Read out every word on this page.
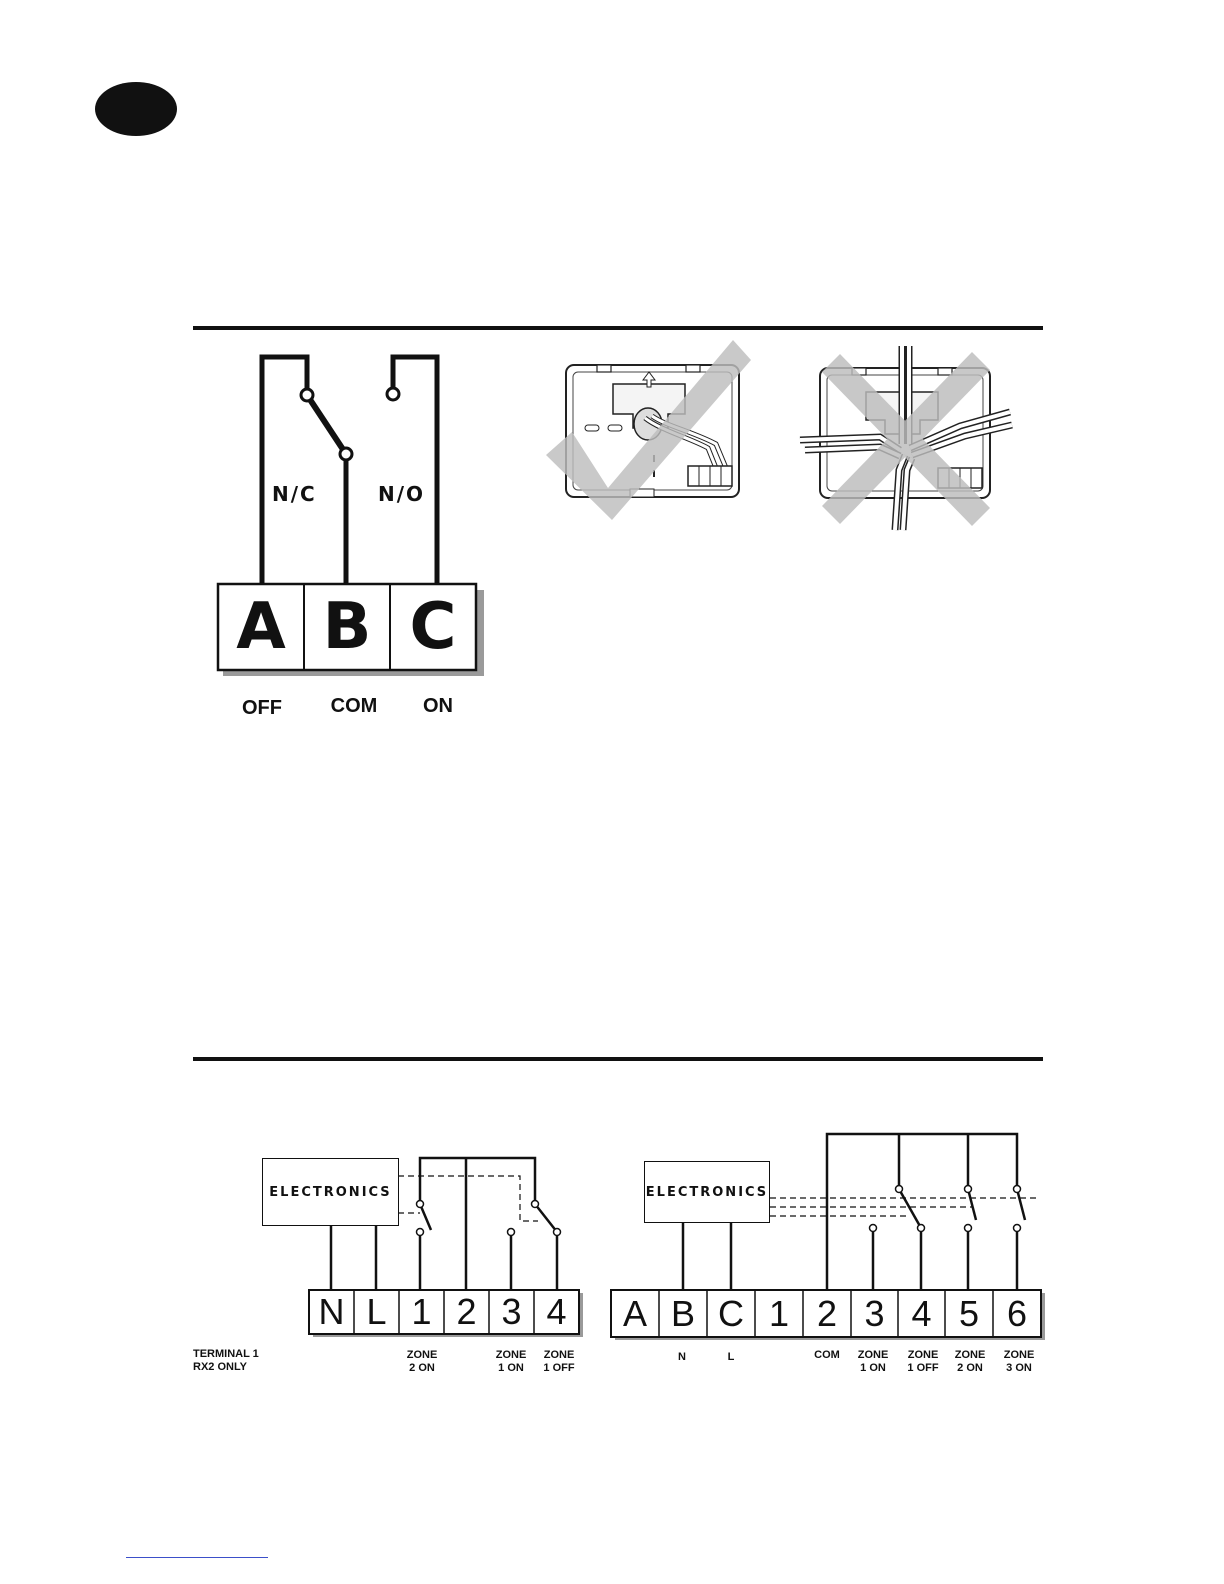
N/C	N/O
A B C
OFF	COM	ON
ELECTRONICS
N L 1 2 3 4
TERMINAL 1
RX2 ONLY
ZONE
2 ON
ZONE
1 ON
ZONE
1 OFF
ELECTRONICS
A B C 1 2 3 4 5 6
N	L	COM	ZONE
1 ON
ZONE
1 OFF
ZONE
2 ON
ZONE
3 ON
